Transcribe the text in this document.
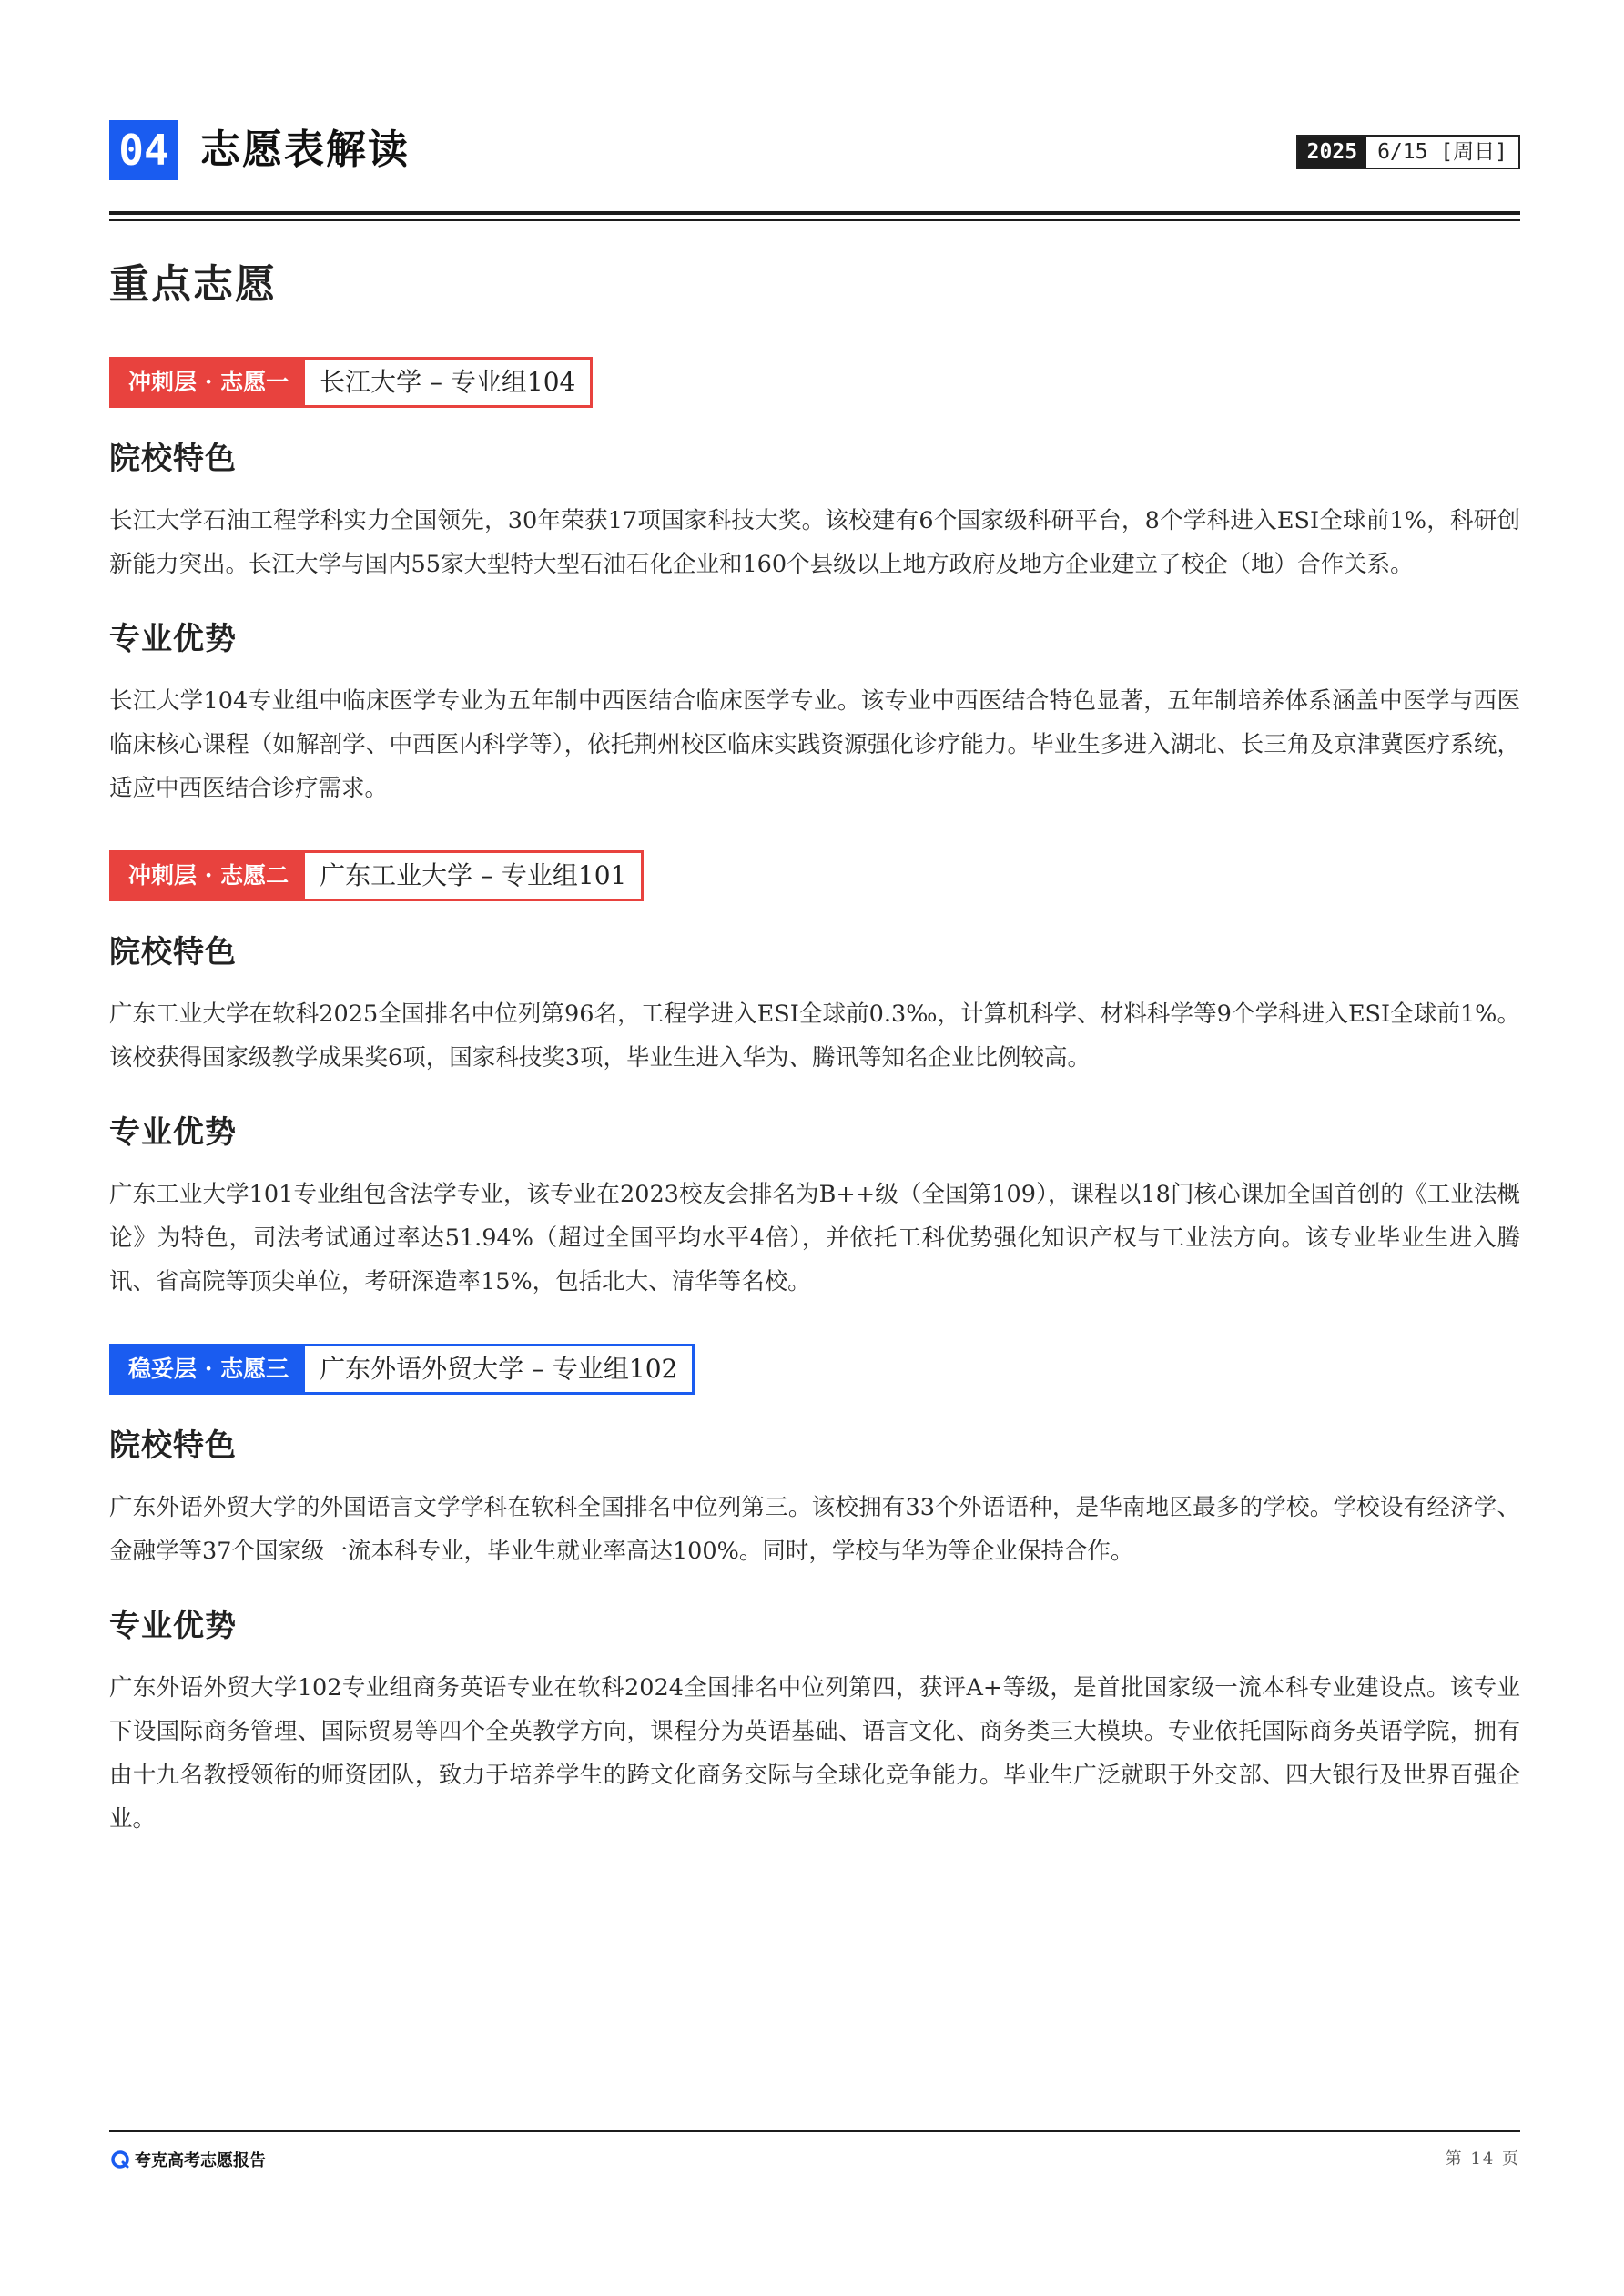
04 志愿表解读	2025 6/15 [周日]
重点志愿
冲刺层 · 志愿一	长江大学 – 专业组104
院校特色

长江大学石油工程学科实力全国领先，30年荣获17项国家科技大奖。该校建有6个国家级科研平台，8个学科进入ESI全球前1%，科研创新能力突出。长江大学与国内55家大型特大型石油石化企业和160个县级以上地方政府及地方企业建立了校企（地）合作关系。

专业优势

长江大学104专业组中临床医学专业为五年制中西医结合临床医学专业。该专业中西医结合特色显著，五年制培养体系涵盖中医学与西医临床核心课程（如解剖学、中西医内科学等），依托荆州校区临床实践资源强化诊疗能力。毕业生多进入湖北、长三角及京津冀医疗系统，适应中西医结合诊疗需求。

冲刺层 · 志愿二	广东工业大学 – 专业组101
院校特色

广东工业大学在软科2025全国排名中位列第96名，工程学进入ESI全球前0.3‰，计算机科学、材料科学等9个学科进入ESI全球前1%。该校获得国家级教学成果奖6项，国家科技奖3项，毕业生进入华为、腾讯等知名企业比例较高。

专业优势

广东工业大学101专业组包含法学专业，该专业在2023校友会排名为B++级（全国第109），课程以18门核心课加全国首创的《工业法概论》为特色，司法考试通过率达51.94%（超过全国平均水平4倍），并依托工科优势强化知识产权与工业法方向。该专业毕业生进入腾讯、省高院等顶尖单位，考研深造率15%，包括北大、清华等名校。

稳妥层 · 志愿三	广东外语外贸大学 – 专业组102
院校特色

广东外语外贸大学的外国语言文学学科在软科全国排名中位列第三。该校拥有33个外语语种，是华南地区最多的学校。学校设有经济学、金融学等37个国家级一流本科专业，毕业生就业率高达100%。同时，学校与华为等企业保持合作。

专业优势

广东外语外贸大学102专业组商务英语专业在软科2024全国排名中位列第四，获评A+等级，是首批国家级一流本科专业建设点。该专业下设国际商务管理、国际贸易等四个全英教学方向，课程分为英语基础、语言文化、商务类三大模块。专业依托国际商务英语学院，拥有由十九名教授领衔的师资团队，致力于培养学生的跨文化商务交际与全球化竞争能力。毕业生广泛就职于外交部、四大银行及世界百强企业。

夸克高考志愿报告	第 14 页
